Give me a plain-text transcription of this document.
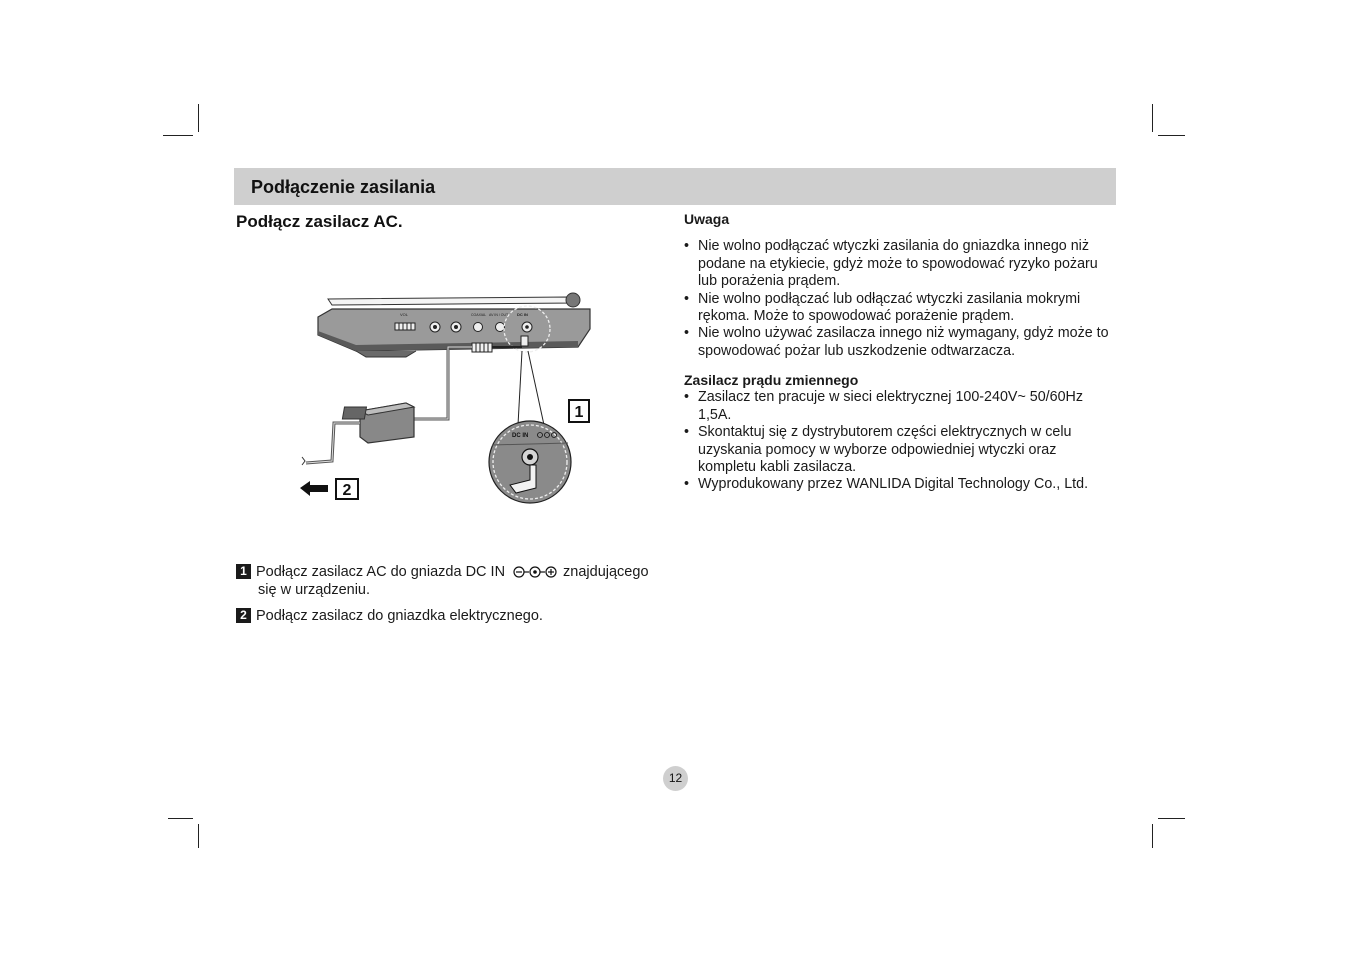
Podłączenie zasilania
Podłącz zasilacz AC.
VOL	COAXIAL AV IN / OUT DC IN
2
1
DC IN
1 Podłącz zasilacz AC do gniazda DC IN	znajdującego
się w urządzeniu.
2 Podłącz zasilacz do gniazdka elektrycznego.
Uwaga
• Nie wolno podłączać wtyczki zasilania do gniazdka innego niż
podane na etykiecie, gdyż może to spowodować ryzyko pożaru
lub porażenia prądem.
• Nie wolno podłączać lub odłączać wtyczki zasilania mokrymi
rękoma. Może to spowodować porażenie prądem.
• Nie wolno używać zasilacza innego niż wymagany, gdyż może to
spowodować pożar lub uszkodzenie odtwarzacza.
Zasilacz prądu zmiennego
• Zasilacz ten pracuje w sieci elektrycznej 100-240V~ 50/60Hz
1,5A.
• Skontaktuj się z dystrybutorem części elektrycznych w celu
uzyskania pomocy w wyborze odpowiedniej wtyczki oraz
kompletu kabli zasilacza.
• Wyprodukowany przez WANLIDA Digital Technology Co., Ltd.
12
